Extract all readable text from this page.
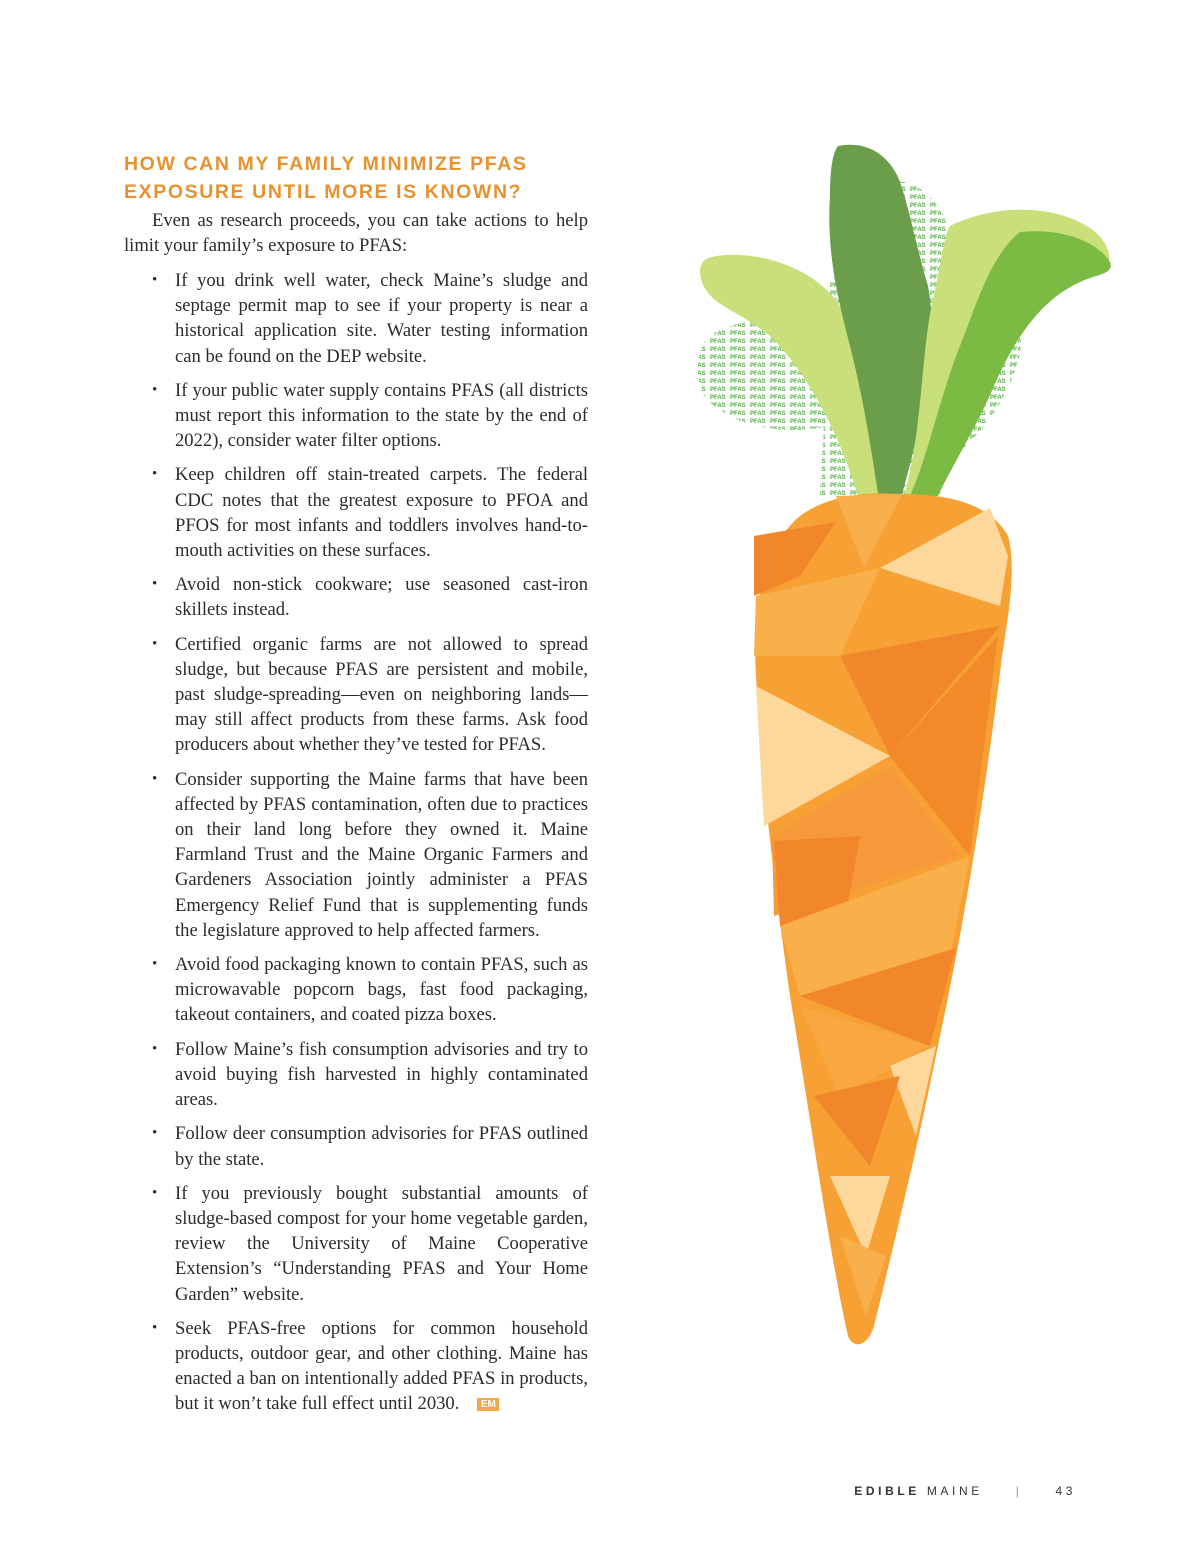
HOW CAN MY FAMILY MINIMIZE PFAS
EXPOSURE UNTIL MORE IS KNOWN?

Even as research proceeds, you can take actions to help limit your family’s exposure to PFAS:

• If you drink well water, check Maine’s sludge and septage permit map to see if your property is near a historical application site. Water testing information can be found on the DEP website.
• If your public water supply contains PFAS (all districts must report this information to the state by the end of 2022), consider water filter options.
• Keep children off stain-treated carpets. The federal CDC notes that the greatest exposure to PFOA and PFOS for most infants and toddlers involves hand-to-mouth activities on these surfaces.
• Avoid non-stick cookware; use seasoned cast-iron skillets instead.
• Certified organic farms are not allowed to spread sludge, but because PFAS are persistent and mobile, past sludge-spreading—even on neighboring lands—may still affect products from these farms. Ask food producers about whether they’ve tested for PFAS.
• Consider supporting the Maine farms that have been affected by PFAS contamination, often due to practices on their land long before they owned it. Maine Farmland Trust and the Maine Organic Farmers and Gardeners Association jointly administer a PFAS Emergency Relief Fund that is supplementing funds the legislature approved to help affected farmers.
• Avoid food packaging known to contain PFAS, such as microwavable popcorn bags, fast food packaging, takeout containers, and coated pizza boxes.
• Follow Maine’s fish consumption advisories and try to avoid buying fish harvested in highly contaminated areas.
• Follow deer consumption advisories for PFAS outlined by the state.
• If you previously bought substantial amounts of sludge-based compost for your home vegetable garden, review the University of Maine Cooperative Extension’s “Understanding PFAS and Your Home Garden” website.
• Seek PFAS-free options for common household products, outdoor gear, and other clothing. Maine has enacted a ban on intentionally added PFAS in products, but it won’t take full effect until 2030. EM
EDIBLE MAINE	|	43
